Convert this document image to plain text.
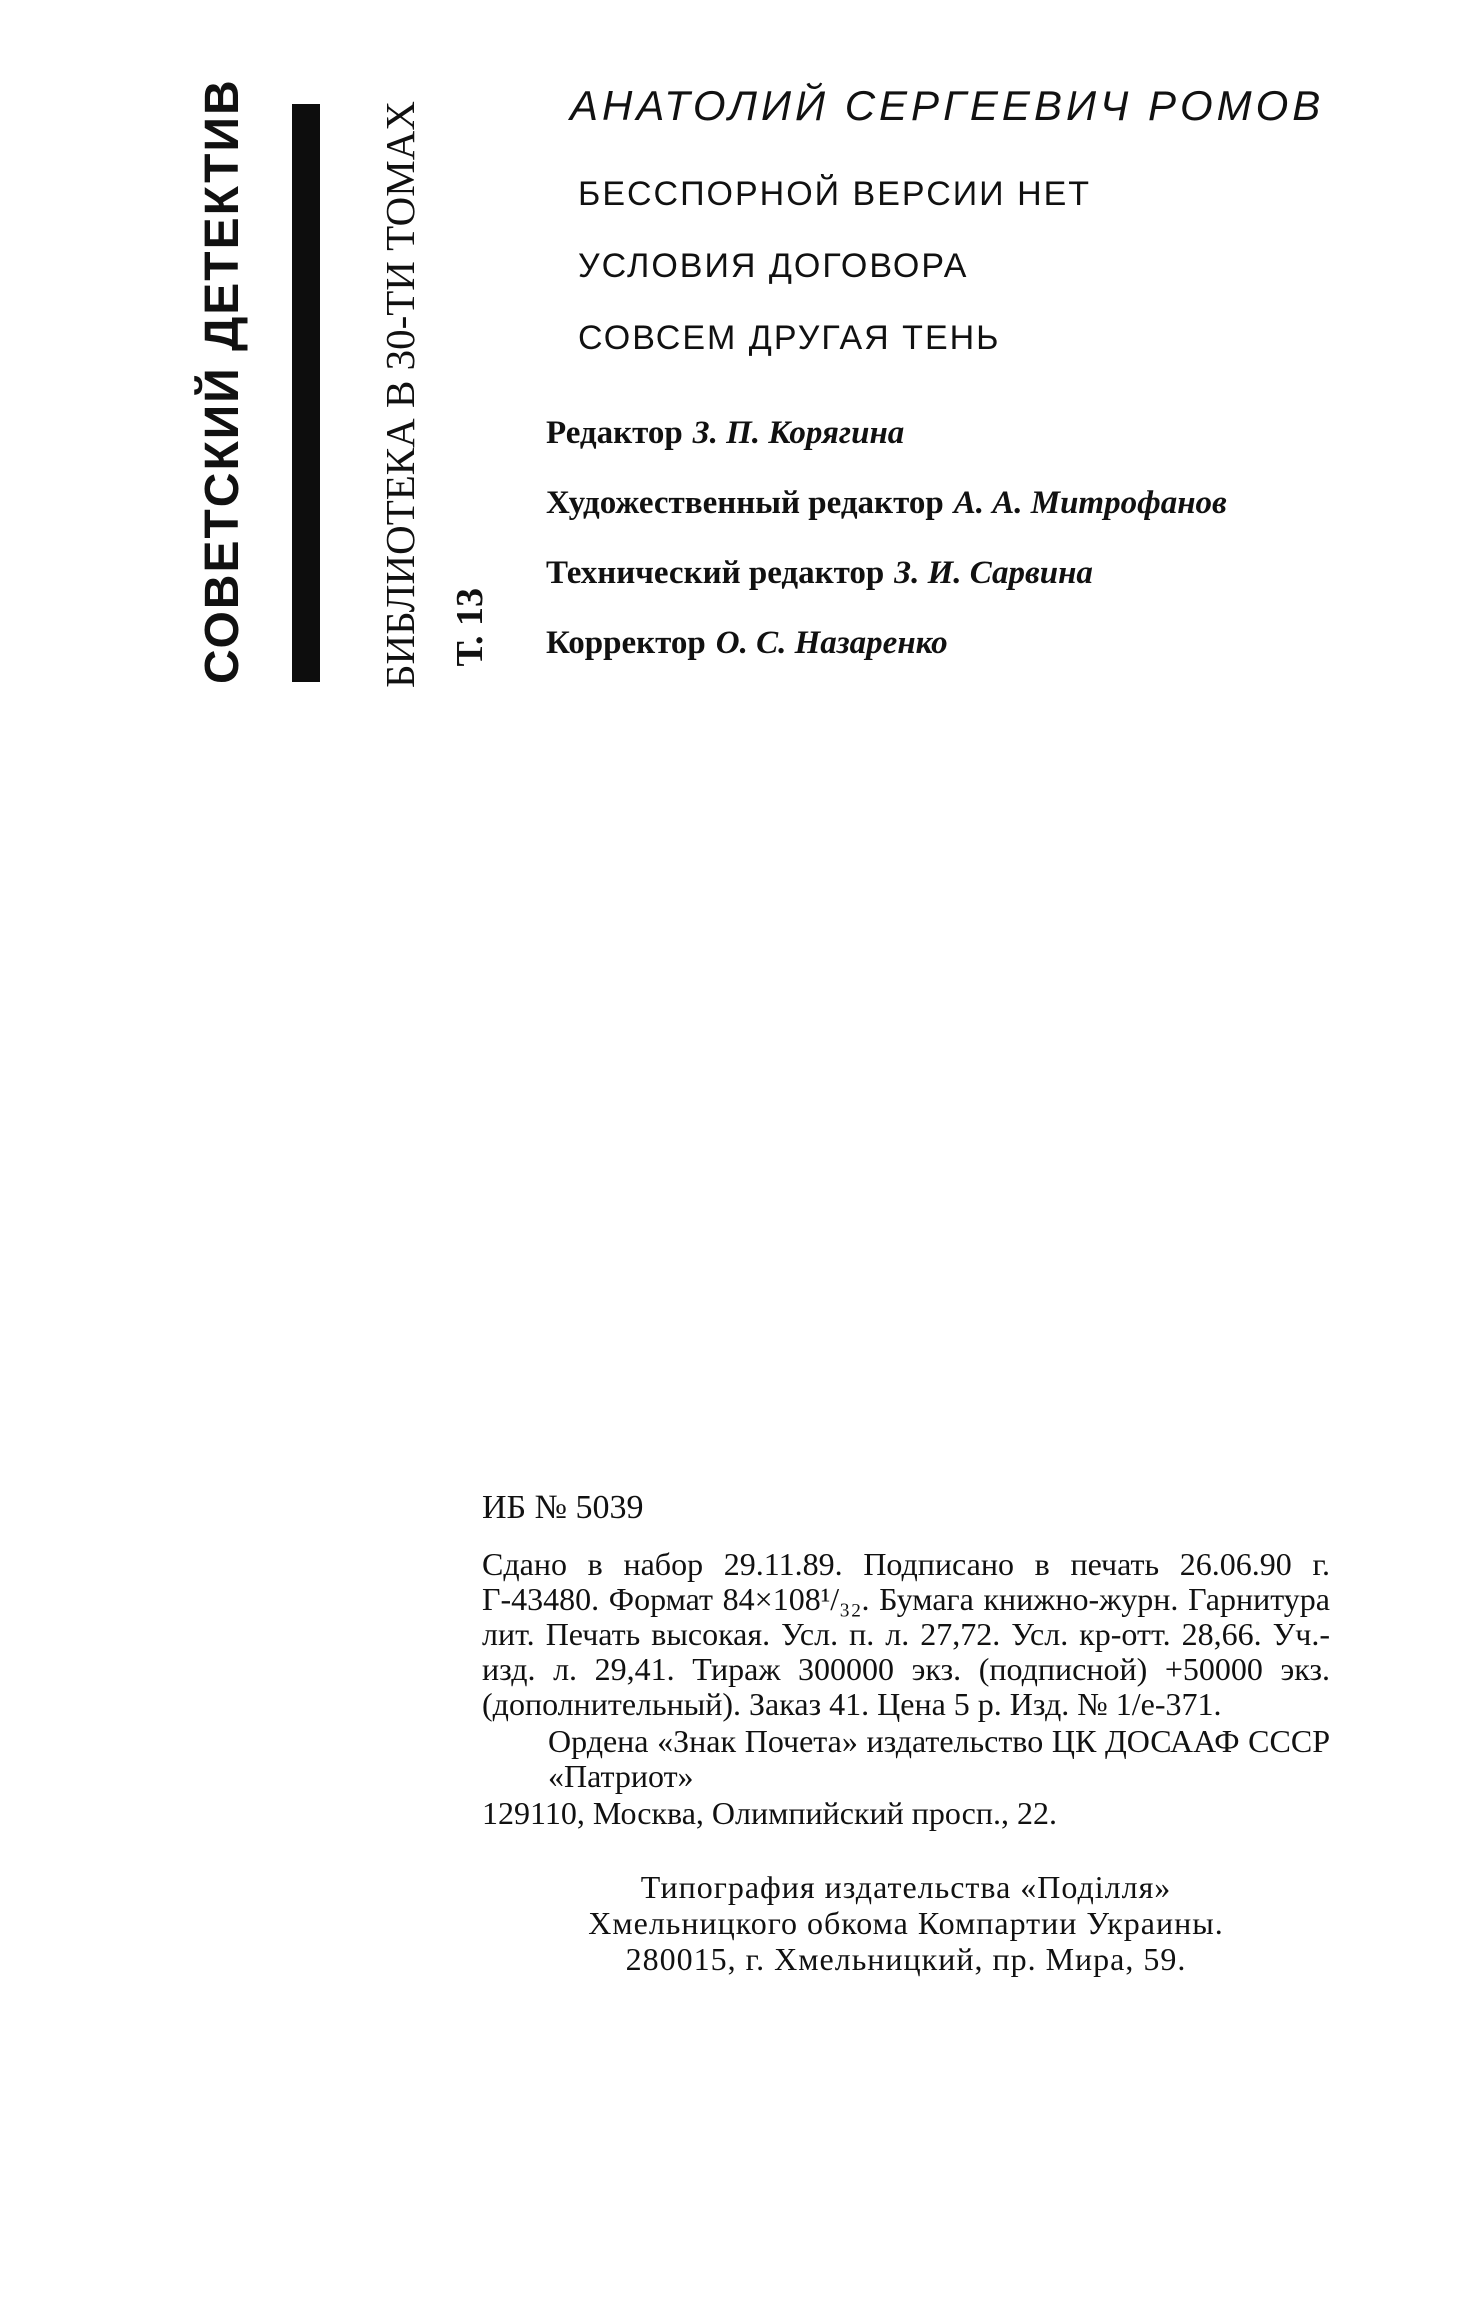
СОВЕТСКИЙ ДЕТЕКТИВ	БИБЛИОТЕКА В 30-ТИ ТОМАХ Т. 13
АНАТОЛИЙ СЕРГЕЕВИЧ РОМОВ
БЕССПОРНОЙ ВЕРСИИ НЕТ
УСЛОВИЯ ДОГОВОРА
СОВСЕМ ДРУГАЯ ТЕНЬ
Редактор З. П. Корягина
Художественный редактор А. А. Митрофанов
Технический редактор З. И. Сарвина
Корректор О. С. Назаренко
ИБ № 5039
Сдано в набор 29.11.89. Подписано в печать 26.06.90 г. Г-43480. Формат 84×108¹/₃₂. Бумага книжно-журн. Гарнитура лит. Печать высокая. Усл. п. л. 27,72. Усл. кр-отт. 28,66. Уч.-изд. л. 29,41. Тираж 300000 экз. (подписной) +50000 экз. (дополнительный). Заказ 41. Цена 5 р. Изд. № 1/е-371.
Ордена «Знак Почета» издательство ЦК ДОСААФ СССР «Патриот»
129110, Москва, Олимпийский просп., 22.
Типография издательства «Поділля»
Хмельницкого обкома Компартии Украины.
280015, г. Хмельницкий, пр. Мира, 59.
